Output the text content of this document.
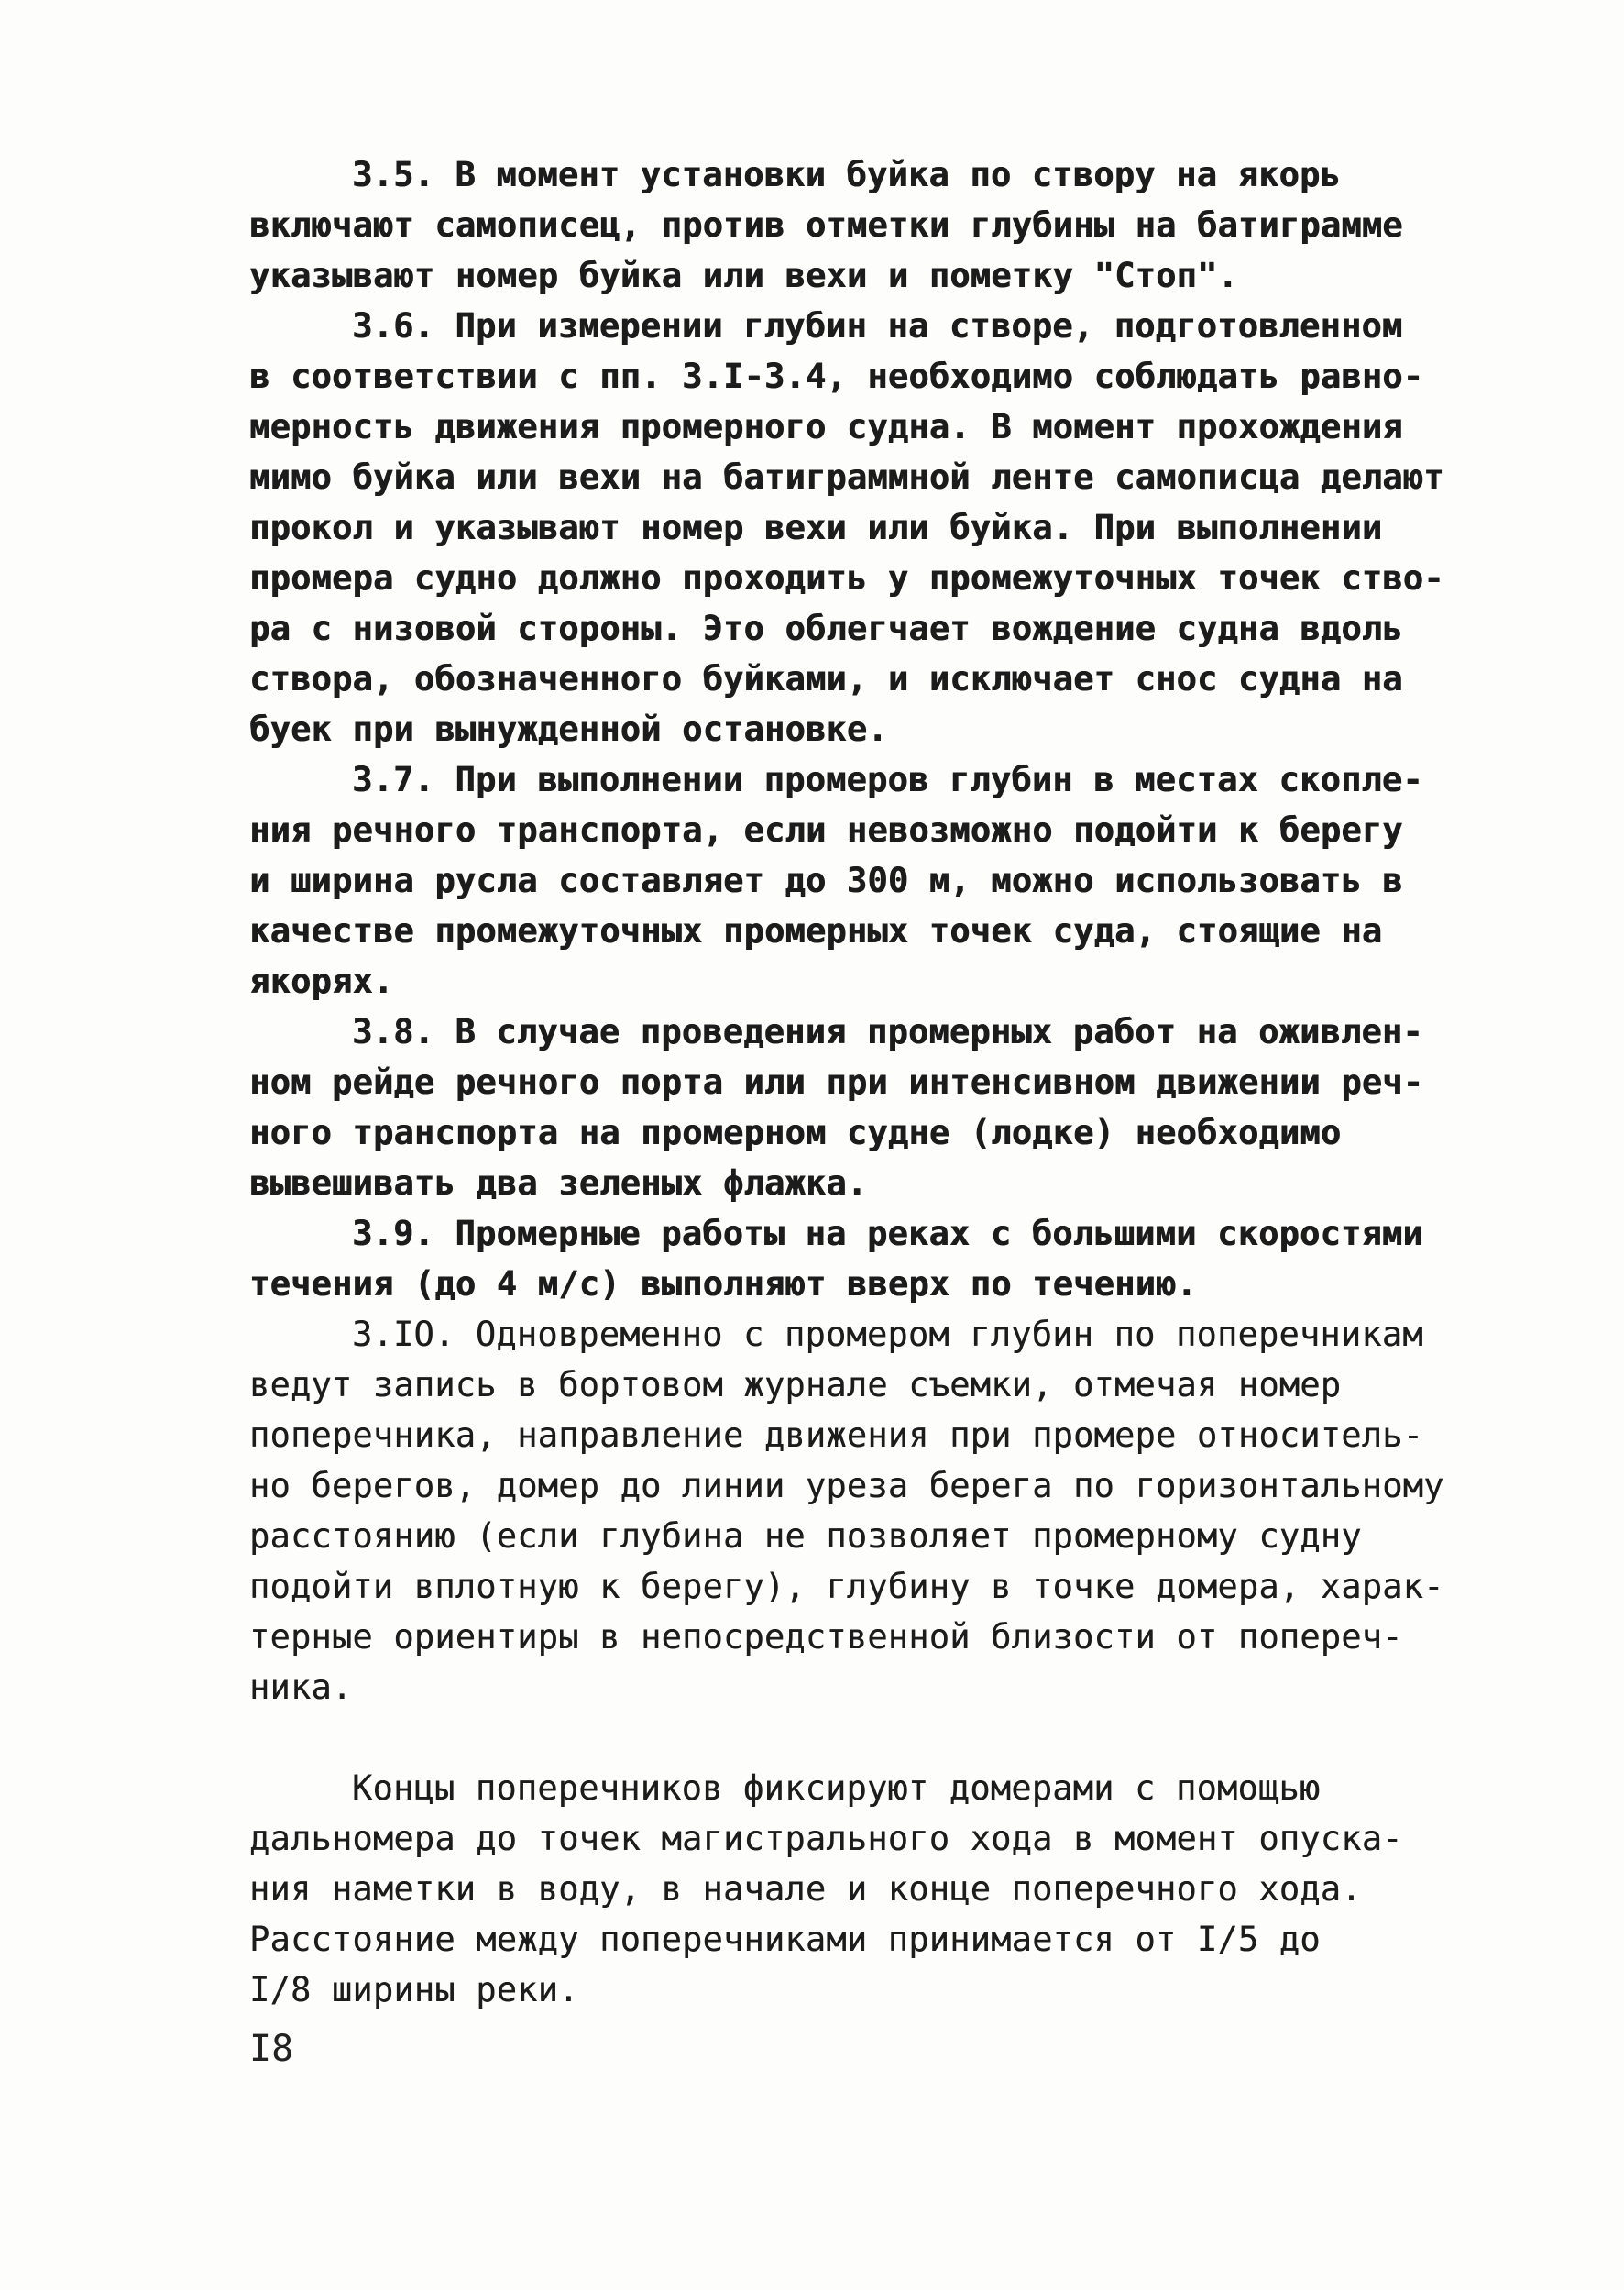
3.5. В момент установки буйка по створу на якорь
включают самописец, против отметки глубины на батиграмме
указывают номер буйка или вехи и пометку "Стоп".
3.6. При измерении глубин на створе, подготовленном
в соответствии с пп. 3.I-3.4, необходимо соблюдать равно-
мерность движения промерного судна. В момент прохождения
мимо буйка или вехи на батиграммной ленте самописца делают
прокол и указывают номер вехи или буйка. При выполнении
промера судно должно проходить у промежуточных точек ство-
ра с низовой стороны. Это облегчает вождение судна вдоль
створа, обозначенного буйками, и исключает снос судна на
буек при вынужденной остановке.
3.7. При выполнении промеров глубин в местах скопле-
ния речного транспорта, если невозможно подойти к берегу
и ширина русла составляет до 300 м, можно использовать в
качестве промежуточных промерных точек суда, стоящие на
якорях.
3.8. В случае проведения промерных работ на оживлен-
ном рейде речного порта или при интенсивном движении реч-
ного транспорта на промерном судне (лодке) необходимо
вывешивать два зеленых флажка.
3.9. Промерные работы на реках с большими скоростями
течения (до 4 м/с) выполняют вверх по течению.
3.IO. Одновременно с промером глубин по поперечникам
ведут запись в бортовом журнале съемки, отмечая номер
поперечника, направление движения при промере относитель-
но берегов, домер до линии уреза берега по горизонтальному
расстоянию (если глубина не позволяет промерному судну
подойти вплотную к берегу), глубину в точке домера, харак-
терные ориентиры в непосредственной близости от попереч-
ника.
Концы поперечников фиксируют домерами с помощью
дальномера до точек магистрального хода в момент опуска-
ния наметки в воду, в начале и конце поперечного хода.
Расстояние между поперечниками принимается от I/5 до
I/8 ширины реки.
I8
